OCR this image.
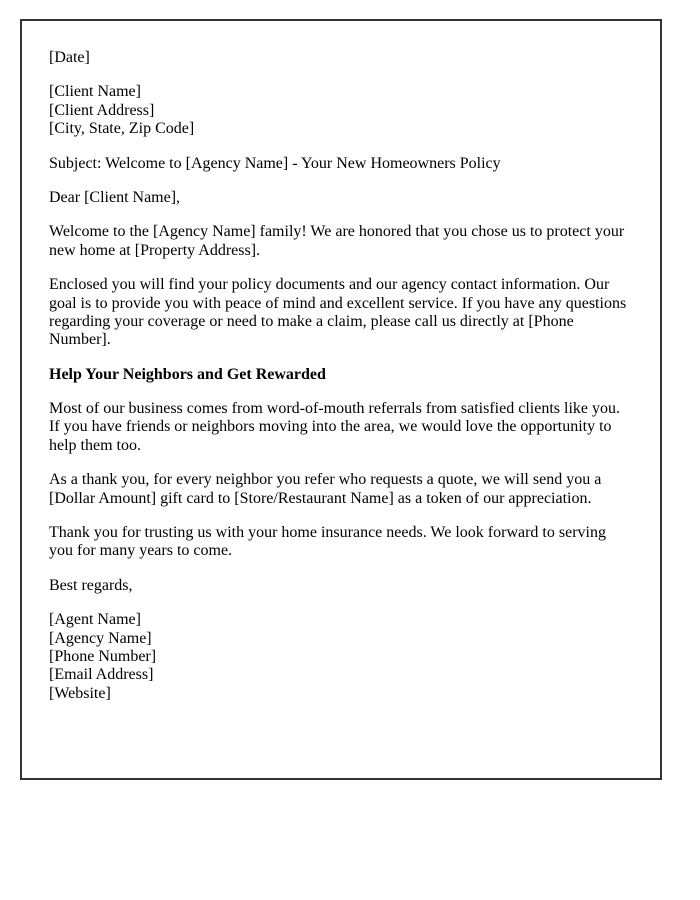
[Date]

[Client Name]
[Client Address]
[City, State, Zip Code]

Subject: Welcome to [Agency Name] - Your New Homeowners Policy

Dear [Client Name],

Welcome to the [Agency Name] family! We are honored that you chose us to protect your new home at [Property Address].

Enclosed you will find your policy documents and our agency contact information. Our goal is to provide you with peace of mind and excellent service. If you have any questions regarding your coverage or need to make a claim, please call us directly at [Phone Number].

Help Your Neighbors and Get Rewarded

Most of our business comes from word-of-mouth referrals from satisfied clients like you. If you have friends or neighbors moving into the area, we would love the opportunity to help them too.

As a thank you, for every neighbor you refer who requests a quote, we will send you a [Dollar Amount] gift card to [Store/Restaurant Name] as a token of our appreciation.

Thank you for trusting us with your home insurance needs. We look forward to serving you for many years to come.

Best regards,

[Agent Name]
[Agency Name]
[Phone Number]
[Email Address]
[Website]
